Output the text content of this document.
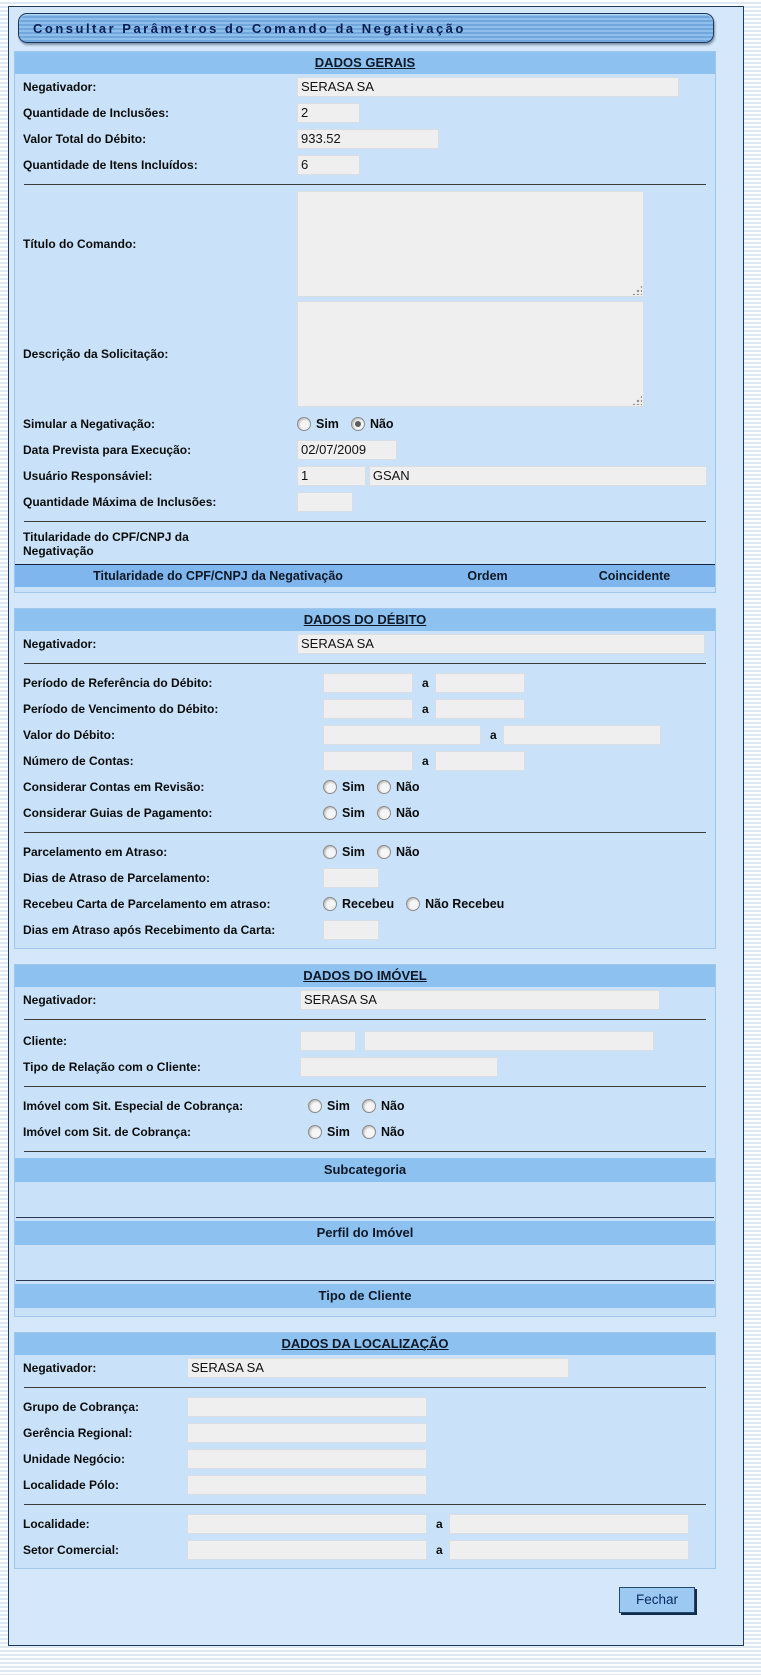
Consultar Parâmetros do Comando da Negativação
DADOS GERAIS
Negativador:	SERASA SA
Quantidade de Inclusões:	2
Valor Total do Débito:	933.52
Quantidade de Itens Incluídos:	6
Título do Comando:
Descrição da Solicitação:
Simular a Negativação:	Sim Não
Data Prevista para Execução:	02/07/2009
Usuário Responsáviel:	1	GSAN
Quantidade Máxima de Inclusões:
Titularidade do CPF/CNPJ da Negativação
Titularidade do CPF/CNPJ da Negativação	Ordem	Coincidente
DADOS DO DÉBITO
Negativador:	SERASA SA
Período de Referência do Débito:	a
Período de Vencimento do Débito:	a
Valor do Débito:	a
Número de Contas:	a
Considerar Contas em Revisão:	Sim Não
Considerar Guias de Pagamento:	Sim Não
Parcelamento em Atraso:	Sim Não
Dias de Atraso de Parcelamento:
Recebeu Carta de Parcelamento em atraso:	Recebeu Não Recebeu
Dias em Atraso após Recebimento da Carta:
DADOS DO IMÓVEL
Negativador:	SERASA SA
Cliente:
Tipo de Relação com o Cliente:
Imóvel com Sit. Especial de Cobrança:	Sim Não
Imóvel com Sit. de Cobrança:	Sim Não
Subcategoria
Perfil do Imóvel
Tipo de Cliente
DADOS DA LOCALIZAÇÃO
Negativador:	SERASA SA
Grupo de Cobrança:
Gerência Regional:
Unidade Negócio:
Localidade Pólo:
Localidade:	a
Setor Comercial:	a
Fechar
